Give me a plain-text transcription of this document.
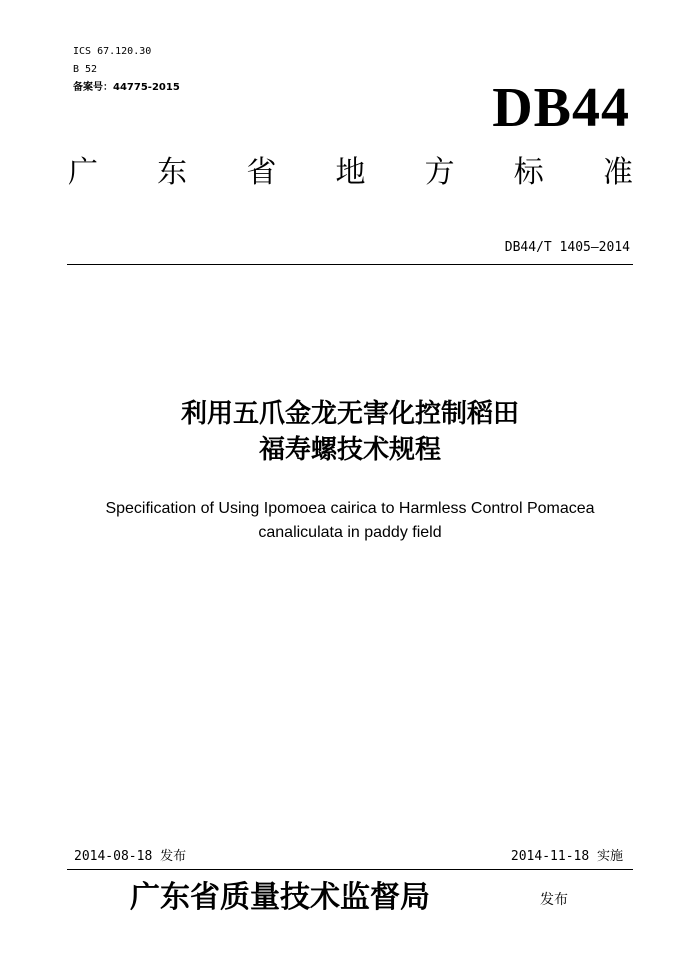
ICS 67.120.30
B 52
备案号：44775-2015	DB44
广 东 省 地 方 标 准
DB44/T 1405—2014
利用五爪金龙无害化控制稻田
福寿螺技术规程
Specification of Using Ipomoea cairica to Harmless Control Pomacea
canaliculata in paddy field
2014-08-18 发布	2014-11-18 实施
广东省质量技术监督局	发布
